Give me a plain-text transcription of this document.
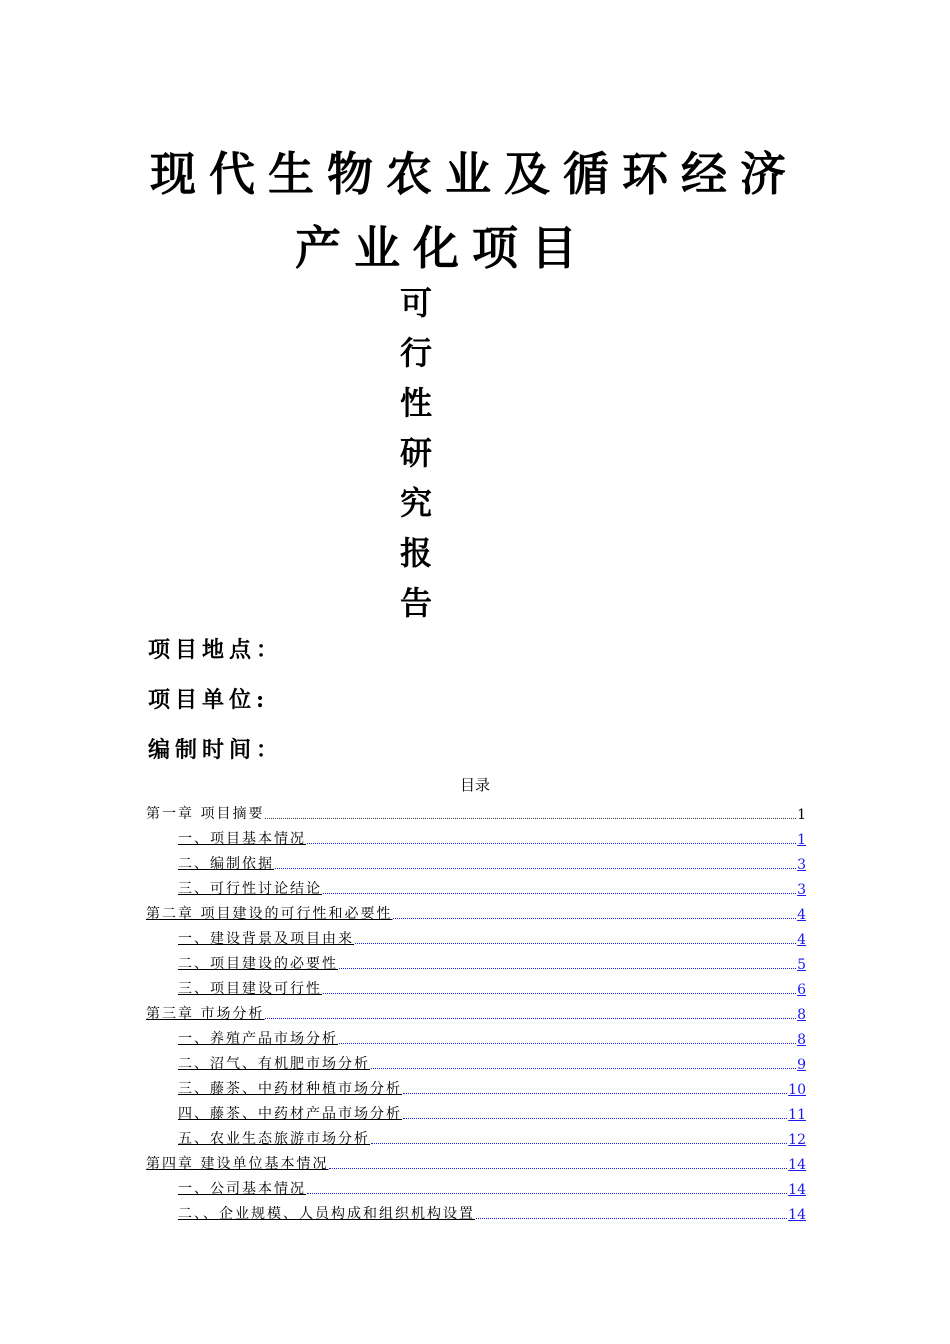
现代生物农业及循环经济
产业化项目
可
行
性
研
究
报
告
项目地点：
项目单位:
编制时间：
目录
第一章 项目摘要	1
一、项目基本情况	1
二、编制依据	3
三、可行性讨论结论	3
第二章 项目建设的可行性和必要性	4
一、建设背景及项目由来	4
二、项目建设的必要性	5
三、项目建设可行性	6
第三章 市场分析	8
一、养殖产品市场分析	8
二、沼气、有机肥市场分析	9
三、藤茶、中药材种植市场分析	10
四、藤茶、中药材产品市场分析	11
五、农业生态旅游市场分析	12
第四章 建设单位基本情况	14
一、公司基本情况	14
二、、企业规模、人员构成和组织机构设置	14
